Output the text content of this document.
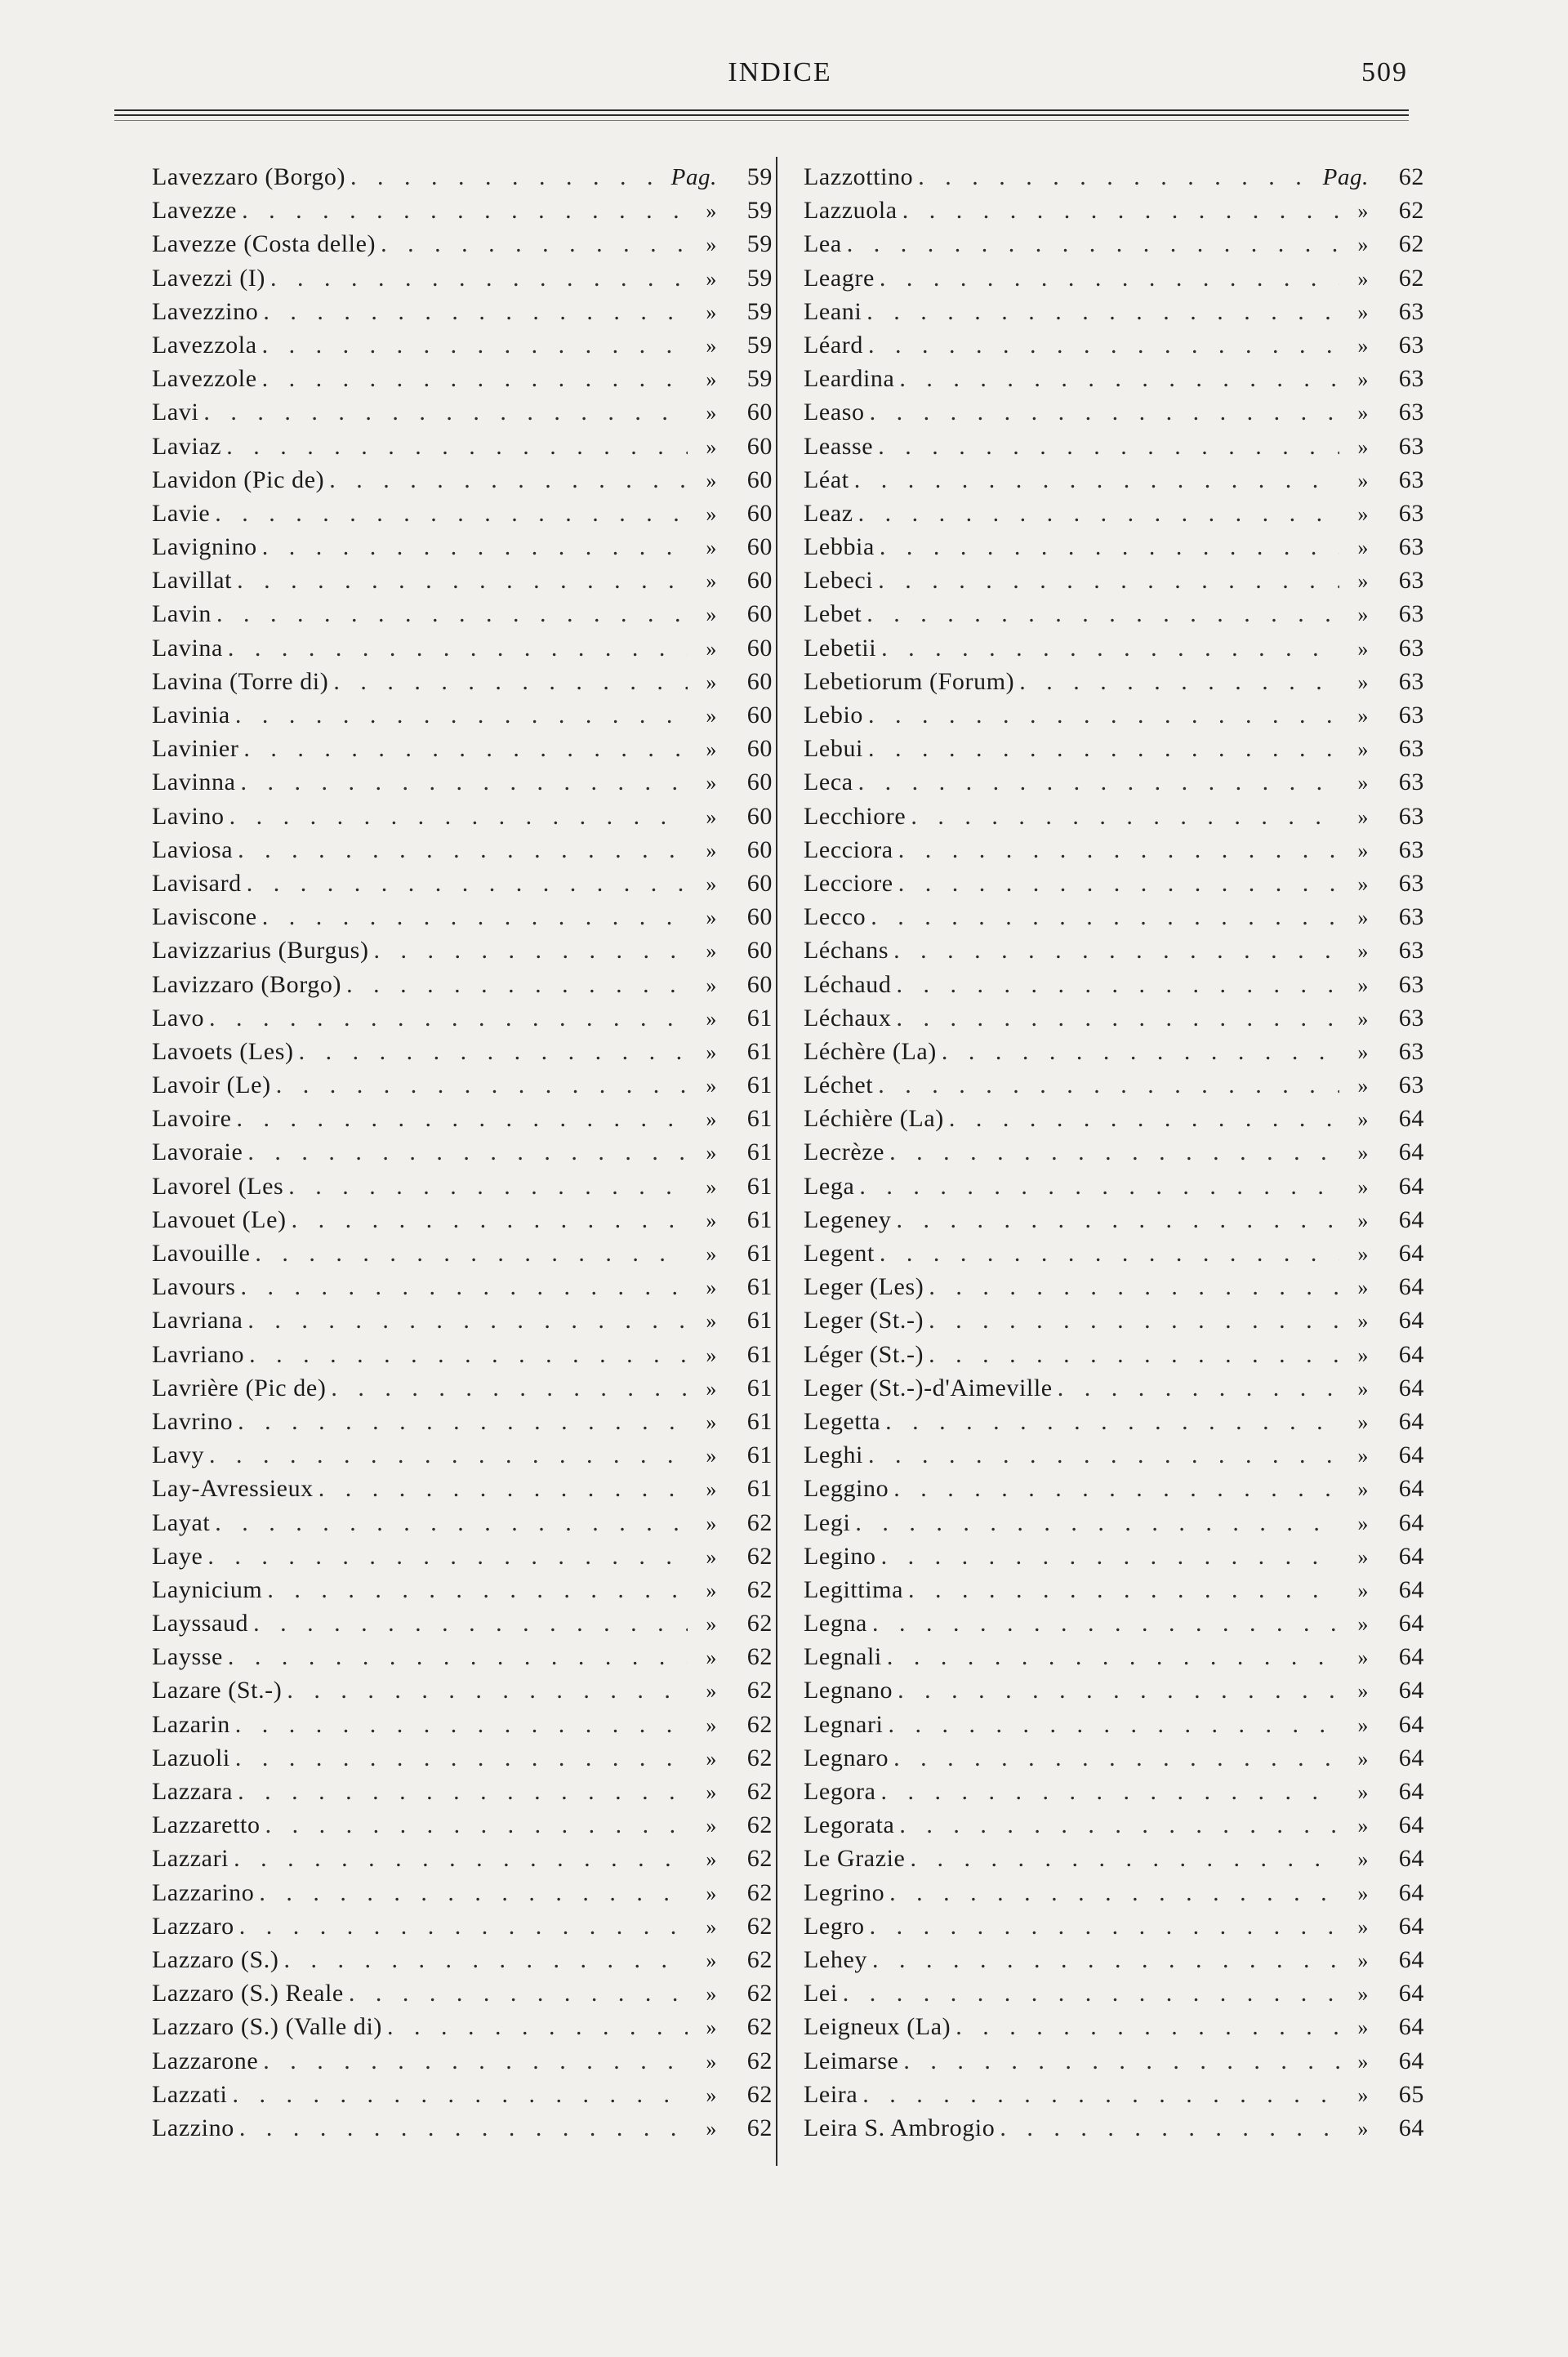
INDICE	509
Lavezzaro (Borgo) . . .	Pag.	59
Lavezze . . .	»	59
Lavezze (Costa delle) . . .	»	59
Lavezzi (I) . . .	»	59
Lavezzino . . .	»	59
Lavezzola . . .	»	59
Lavezzole . . .	»	59
Lavi . . .	»	60
Laviaz . . .	»	60
Lavidon (Pic de) . . .	»	60
Lavie . . .	»	60
Lavignino . . .	»	60
Lavillat . . .	»	60
Lavin . . .	»	60
Lavina . . .	»	60
Lavina (Torre di) . . .	»	60
Lavinia . . .	»	60
Lavinier . . .	»	60
Lavinna . . .	»	60
Lavino . . .	»	60
Laviosa . . .	»	60
Lavisard . . .	»	60
Laviscone . . .	»	60
Lavizzarius (Burgus) . . .	»	60
Lavizzaro (Borgo) . . .	»	60
Lavo . . .	»	61
Lavoets (Les) . . .	»	61
Lavoir (Le) . . .	»	61
Lavoire . . .	»	61
Lavoraie . . .	»	61
Lavorel (Les . . .	»	61
Lavouet (Le) . . .	»	61
Lavouille . . .	»	61
Lavours . . .	»	61
Lavriana . . .	»	61
Lavriano . . .	»	61
Lavrière (Pic de) . . .	»	61
Lavrino . . .	»	61
Lavy . . .	»	61
Lay-Avressieux . . .	»	61
Layat . . .	»	62
Laye . . .	»	62
Laynicium . . .	»	62
Layssaud . . .	»	62
Laysse . . .	»	62
Lazare (St.-) . . .	»	62
Lazarin . . .	»	62
Lazuoli . . .	»	62
Lazzara . . .	»	62
Lazzaretto . . .	»	62
Lazzari . . .	»	62
Lazzarino . . .	»	62
Lazzaro . . .	»	62
Lazzaro (S.) . . .	»	62
Lazzaro (S.) Reale . . .	»	62
Lazzaro (S.) (Valle di) . . .	»	62
Lazzarone . . .	»	62
Lazzati . . .	»	62
Lazzino . . .	»	62
Lazzottino . . .	Pag.	62
Lazzuola . . .	»	62
Lea . . .	»	62
Leagre . . .	»	62
Leani . . .	»	63
Léard . . .	»	63
Leardina . . .	»	63
Leaso . . .	»	63
Leasse . . .	»	63
Léat . . .	»	63
Leaz . . .	»	63
Lebbia . . .	»	63
Lebeci . . .	»	63
Lebet . . .	»	63
Lebetii . . .	»	63
Lebetiorum (Forum) . . .	»	63
Lebio . . .	»	63
Lebui . . .	»	63
Leca . . .	»	63
Lecchiore . . .	»	63
Lecciora . . .	»	63
Lecciore . . .	»	63
Lecco . . .	»	63
Léchans . . .	»	63
Léchaud . . .	»	63
Léchaux . . .	»	63
Léchère (La) . . .	»	63
Léchet . . .	»	63
Léchière (La) . . .	»	64
Lecrèze . . .	»	64
Lega . . .	»	64
Legeney . . .	»	64
Legent . . .	»	64
Leger (Les) . . .	»	64
Leger (St.-) . . .	»	64
Léger (St.-) . . .	»	64
Leger (St.-)-d'Aimeville . . .	»	64
Legetta . . .	»	64
Leghi . . .	»	64
Leggino . . .	»	64
Legi . . .	»	64
Legino . . .	»	64
Legittima . . .	»	64
Legna . . .	»	64
Legnali . . .	»	64
Legnano . . .	»	64
Legnari . . .	»	64
Legnaro . . .	»	64
Legora . . .	»	64
Legorata . . .	»	64
Le Grazie . . .	»	64
Legrino . . .	»	64
Legro . . .	»	64
Lehey . . .	»	64
Lei . . .	»	64
Leigneux (La) . . .	»	64
Leimarse . . .	»	64
Leira . . .	»	65
Leira S. Ambrogio . . .	»	64
